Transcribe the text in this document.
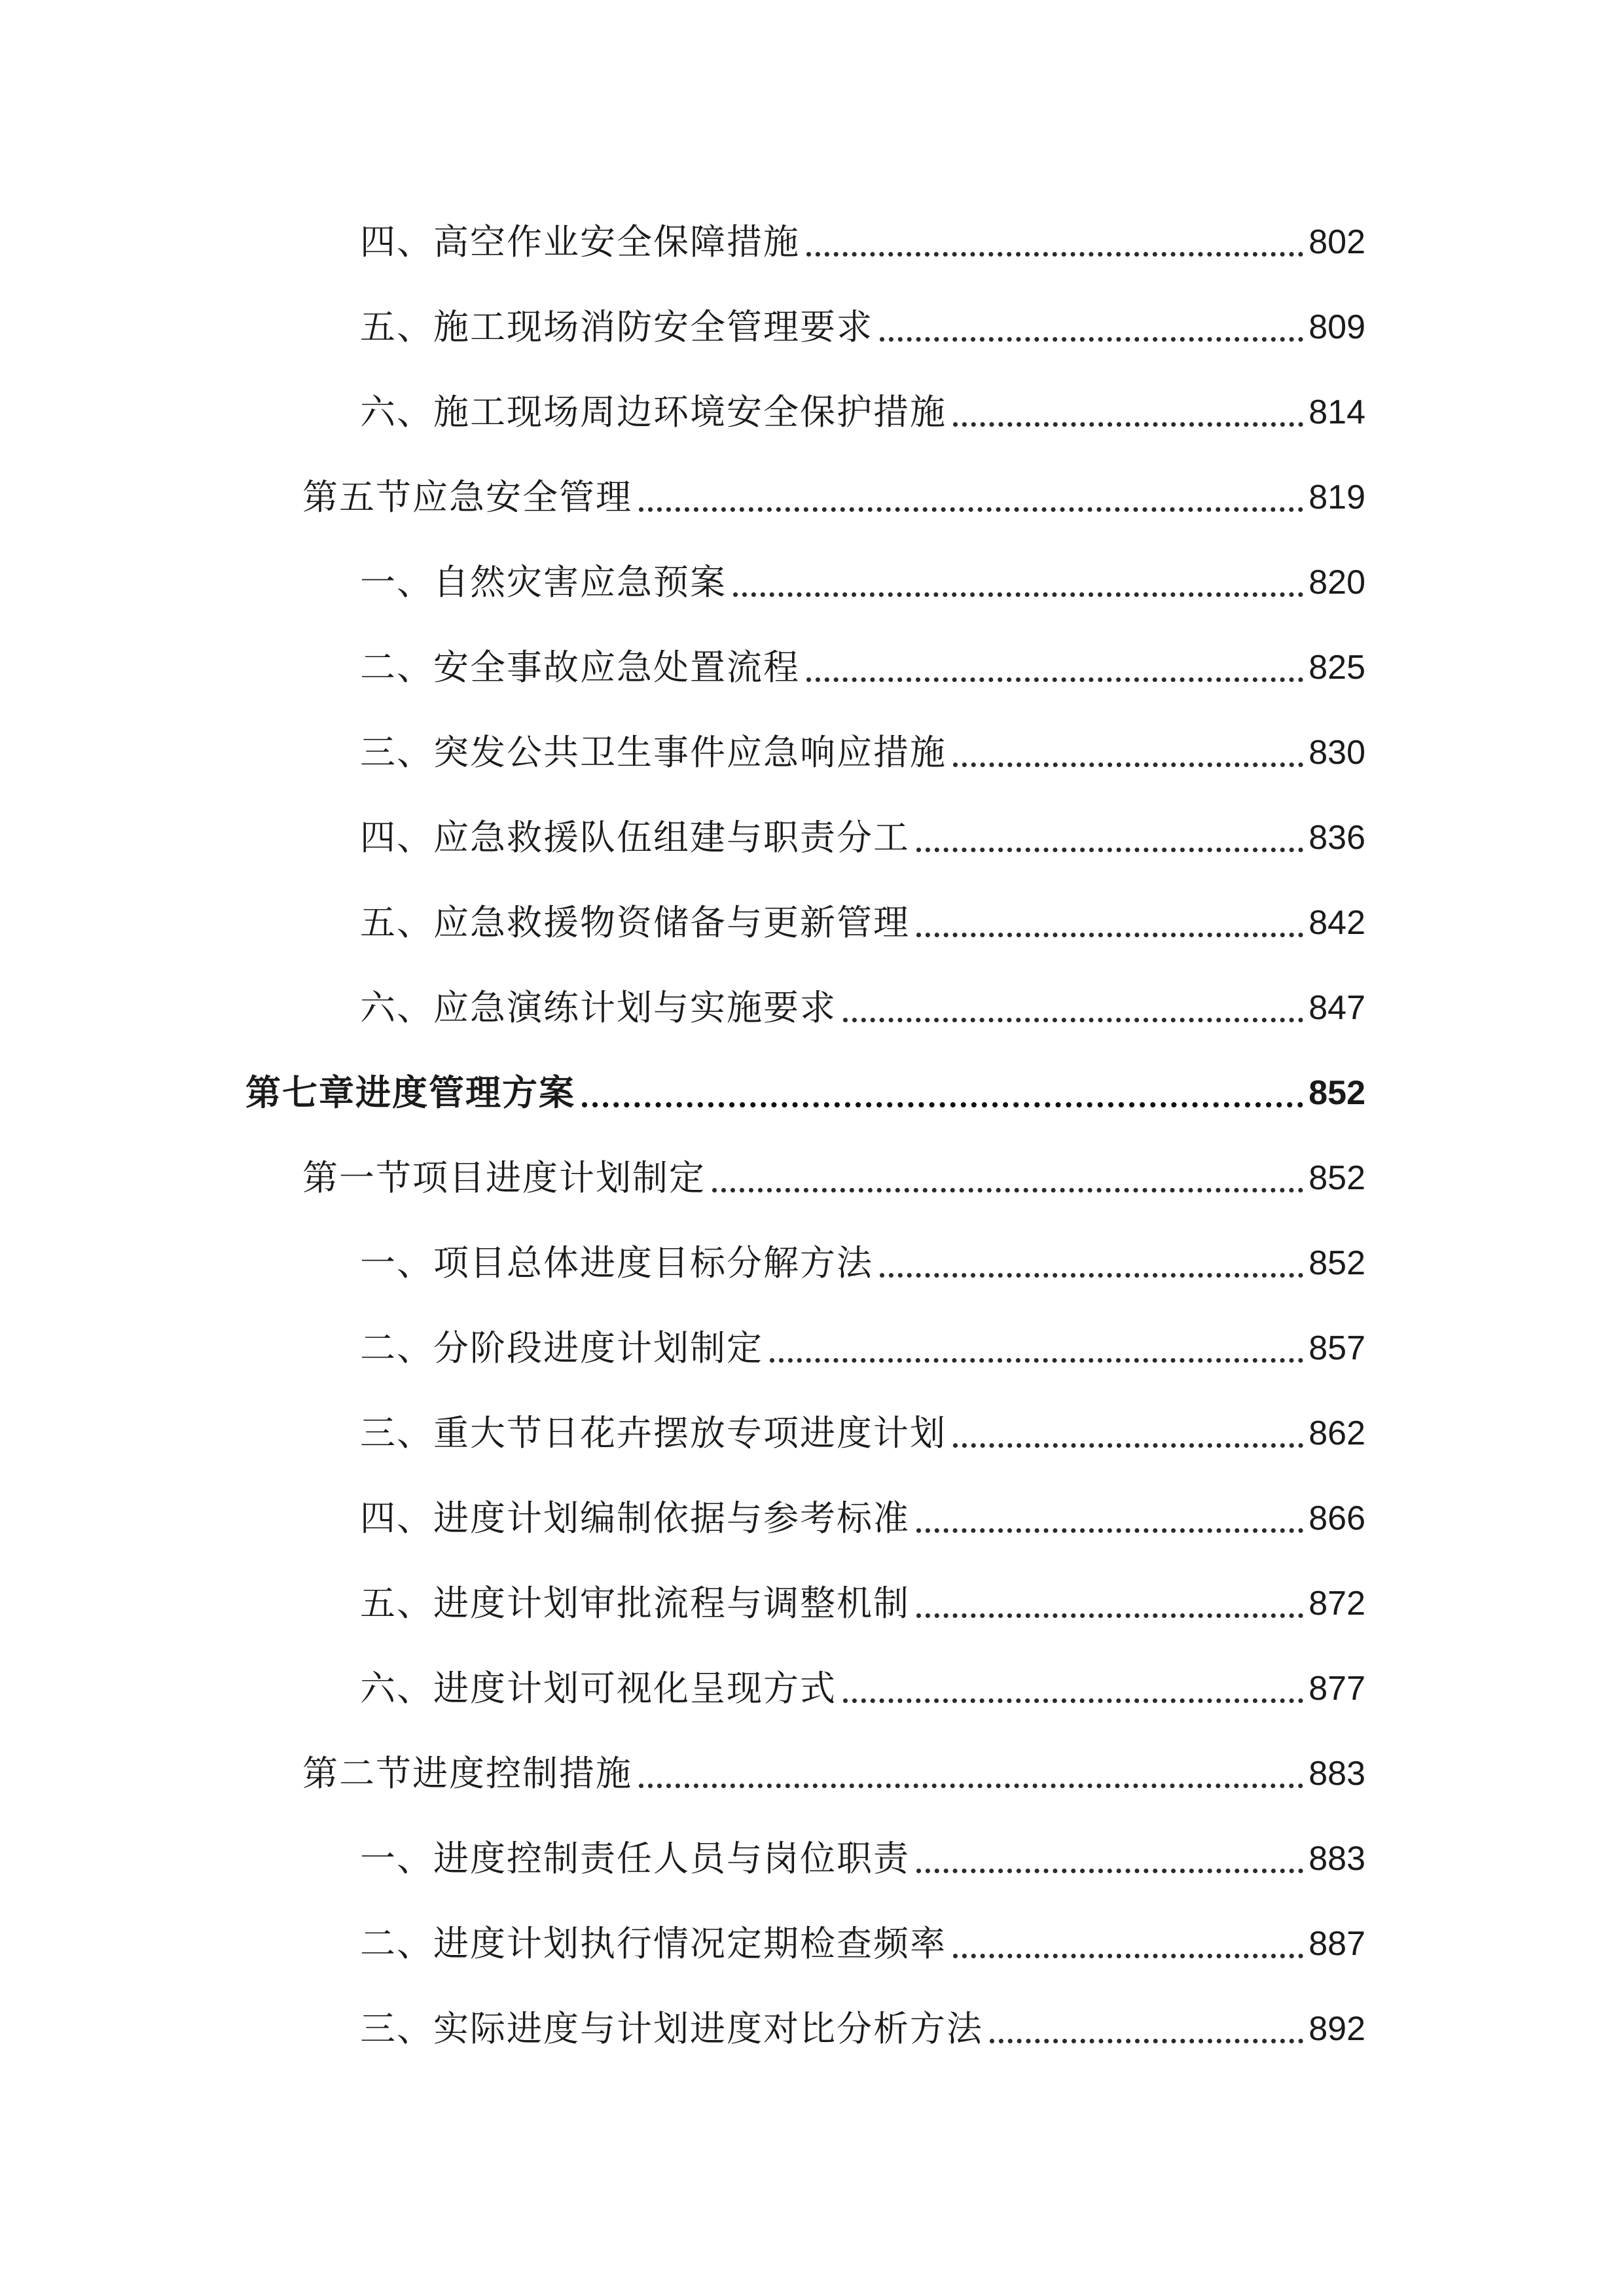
四、高空作业安全保障措施	802
五、施工现场消防安全管理要求	809
六、施工现场周边环境安全保护措施	814
第五节应急安全管理	819
一、自然灾害应急预案	820
二、安全事故应急处置流程	825
三、突发公共卫生事件应急响应措施	830
四、应急救援队伍组建与职责分工	836
五、应急救援物资储备与更新管理	842
六、应急演练计划与实施要求	847
第七章进度管理方案	852
第一节项目进度计划制定	852
一、项目总体进度目标分解方法	852
二、分阶段进度计划制定	857
三、重大节日花卉摆放专项进度计划	862
四、进度计划编制依据与参考标准	866
五、进度计划审批流程与调整机制	872
六、进度计划可视化呈现方式	877
第二节进度控制措施	883
一、进度控制责任人员与岗位职责	883
二、进度计划执行情况定期检查频率	887
三、实际进度与计划进度对比分析方法	892
